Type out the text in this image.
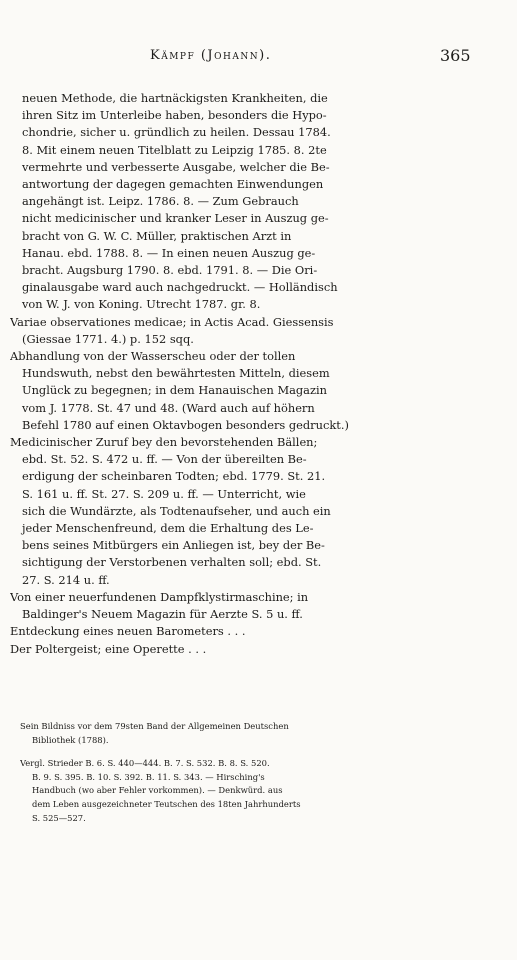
Kämpf (Johann).	365
neuen Methode, die hartnäckigsten Krankheiten, die
ihren Sitz im Unterleibe haben, besonders die Hypo-
chondrie, sicher u. gründlich zu heilen. Dessau 1784.
8. Mit einem neuen Titelblatt zu Leipzig 1785. 8. 2te
vermehrte und verbesserte Ausgabe, welcher die Be-
antwortung der dagegen gemachten Einwendungen
angehängt ist. Leipz. 1786. 8. — Zum Gebrauch
nicht medicinischer und kranker Leser in Auszug ge-
bracht von G. W. C. Müller, praktischen Arzt in
Hanau. ebd. 1788. 8. — In einen neuen Auszug ge-
bracht. Augsburg 1790. 8. ebd. 1791. 8. — Die Ori-
ginalausgabe ward auch nachgedruckt. — Holländisch
von W. J. von Koning. Utrecht 1787. gr. 8.
Variae observationes medicae; in Actis Acad. Giessensis
(Giessae 1771. 4.) p. 152 sqq.
Abhandlung von der Wasserscheu oder der tollen
Hundswuth, nebst den bewährtesten Mitteln, diesem
Unglück zu begegnen; in dem Hanauischen Magazin
vom J. 1778. St. 47 und 48. (Ward auch auf höhern
Befehl 1780 auf einen Oktavbogen besonders gedruckt.)
Medicinischer Zuruf bey den bevorstehenden Bällen;
ebd. St. 52. S. 472 u. ff. — Von der übereilten Be-
erdigung der scheinbaren Todten; ebd. 1779. St. 21.
S. 161 u. ff. St. 27. S. 209 u. ff. — Unterricht, wie
sich die Wundärzte, als Todtenaufseher, und auch ein
jeder Menschenfreund, dem die Erhaltung des Le-
bens seines Mitbürgers ein Anliegen ist, bey der Be-
sichtigung der Verstorbenen verhalten soll; ebd. St.
27. S. 214 u. ff.
Von einer neuerfundenen Dampfklystirmaschine; in
Baldinger's Neuem Magazin für Aerzte S. 5 u. ff.
Entdeckung eines neuen Barometers . . .
Der Poltergeist; eine Operette . . .
Sein Bildniss vor dem 79sten Band der Allgemeinen Deutschen
Bibliothek (1788).
Vergl. Strieder B. 6. S. 440—444. B. 7. S. 532. B. 8. S. 520.
B. 9. S. 395. B. 10. S. 392. B. 11. S. 343. — Hirsching's
Handbuch (wo aber Fehler vorkommen). — Denkwürd. aus
dem Leben ausgezeichneter Teutschen des 18ten Jahrhunderts
S. 525—527.
